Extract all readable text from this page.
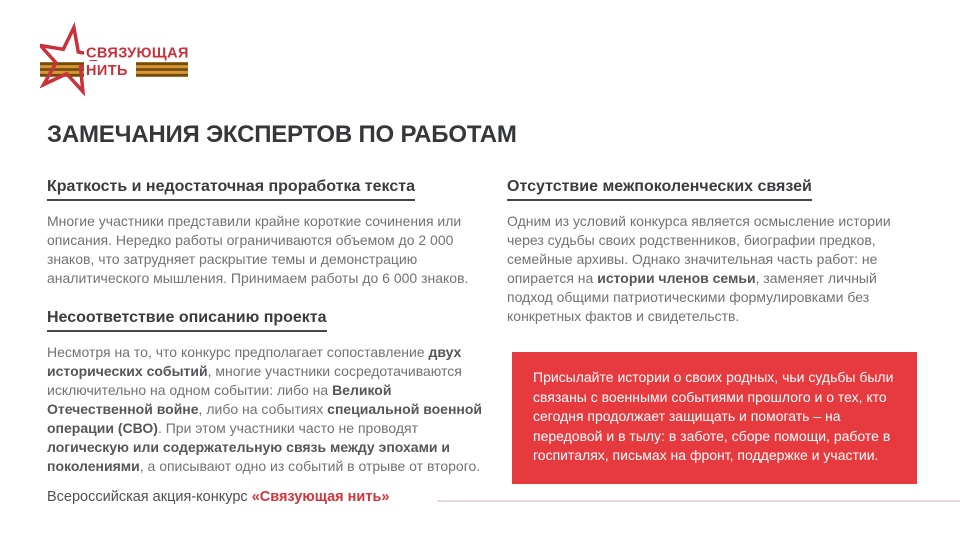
СВЯЗУЮЩАЯ
НИТЬ
ЗАМЕЧАНИЯ ЭКСПЕРТОВ ПО РАБОТАМ
Краткость и недостаточная проработка текста

Многие участники представили крайне короткие сочинения или описания. Нередко работы ограничиваются объемом до 2 000 знаков, что затрудняет раскрытие темы и демонстрацию аналитического мышления. Принимаем работы до 6 000 знаков.

Несоответствие описанию проекта

Несмотря на то, что конкурс предполагает сопоставление двух исторических событий, многие участники сосредотачиваются исключительно на одном событии: либо на Великой Отечественной войне, либо на событиях специальной военной операции (СВО). При этом участники часто не проводят логическую или содержательную связь между эпохами и поколениями, а описывают одно из событий в отрыве от второго.

Отсутствие межпоколенческих связей

Одним из условий конкурса является осмысление истории через судьбы своих родственников, биографии предков, семейные архивы. Однако значительная часть работ: не опирается на истории членов семьи, заменяет личный подход общими патриотическими формулировками без конкретных фактов и свидетельств.

Присылайте истории о своих родных, чьи судьбы были связаны с военными событиями прошлого и о тех, кто сегодня продолжает защищать и помогать – на передовой и в тылу: в заботе, сборе помощи, работе в госпиталях, письмах на фронт, поддержке и участии.

Всероссийская акция-конкурс «Связующая нить»
